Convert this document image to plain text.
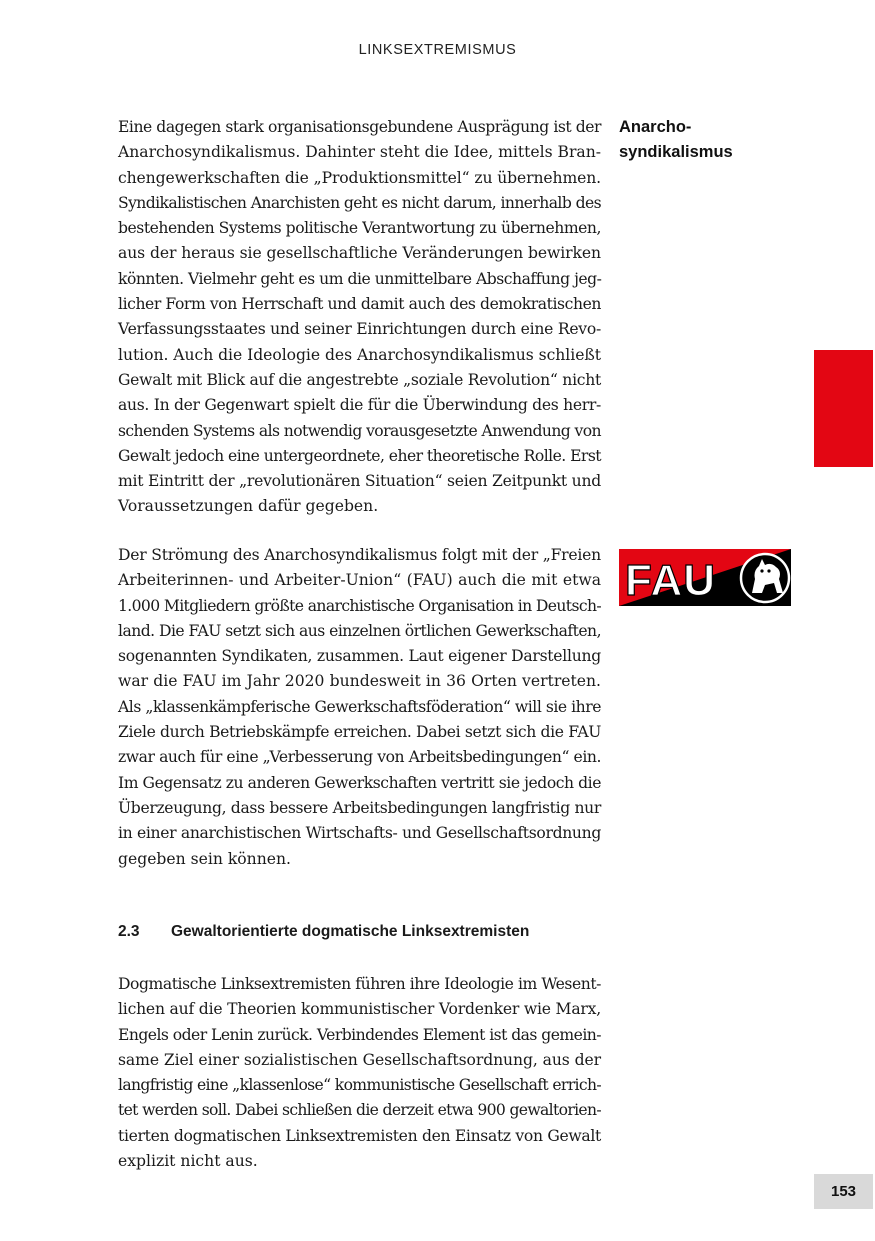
LINKSEXTREMISMUS
Eine dagegen stark organisationsgebundene Ausprägung ist der
Anarchosyndikalismus. Dahinter steht die Idee, mittels Bran-
chengewerkschaften die „Produktionsmittel“ zu übernehmen.
Syndikalistischen Anarchisten geht es nicht darum, innerhalb des
bestehenden Systems politische Verantwortung zu übernehmen,
aus der heraus sie gesellschaftliche Veränderungen bewirken
könnten. Vielmehr geht es um die unmittelbare Abschaffung jeg-
licher Form von Herrschaft und damit auch des demokratischen
Verfassungsstaates und seiner Einrichtungen durch eine Revo-
lution. Auch die Ideologie des Anarchosyndikalismus schließt
Gewalt mit Blick auf die angestrebte „soziale Revolution“ nicht
aus. In der Gegenwart spielt die für die Überwindung des herr-
schenden Systems als notwendig vorausgesetzte Anwendung von
Gewalt jedoch eine untergeordnete, eher theoretische Rolle. Erst
mit Eintritt der „revolutionären Situation“ seien Zeitpunkt und
Voraussetzungen dafür gegeben.
Anarcho-
syndikalismus
FAU
Der Strömung des Anarchosyndikalismus folgt mit der „Freien
Arbeiterinnen- und Arbeiter-Union“ (FAU) auch die mit etwa
1.000 Mitgliedern größte anarchistische Organisation in Deutsch-
land. Die FAU setzt sich aus einzelnen örtlichen Gewerkschaften,
sogenannten Syndikaten, zusammen. Laut eigener Darstellung
war die FAU im Jahr 2020 bundesweit in 36 Orten vertreten.
Als „klassenkämpferische Gewerkschaftsföderation“ will sie ihre
Ziele durch Betriebskämpfe erreichen. Dabei setzt sich die FAU
zwar auch für eine „Verbesserung von Arbeitsbedingungen“ ein.
Im Gegensatz zu anderen Gewerkschaften vertritt sie jedoch die
Überzeugung, dass bessere Arbeitsbedingungen langfristig nur
in einer anarchistischen Wirtschafts- und Gesellschaftsordnung
gegeben sein können.
2.3 Gewaltorientierte dogmatische Linksextremisten
Dogmatische Linksextremisten führen ihre Ideologie im Wesent-
lichen auf die Theorien kommunistischer Vordenker wie Marx,
Engels oder Lenin zurück. Verbindendes Element ist das gemein-
same Ziel einer sozialistischen Gesellschaftsordnung, aus der
langfristig eine „klassenlose“ kommunistische Gesellschaft errich-
tet werden soll. Dabei schließen die derzeit etwa 900 gewaltorien-
tierten dogmatischen Linksextremisten den Einsatz von Gewalt
explizit nicht aus.
153
